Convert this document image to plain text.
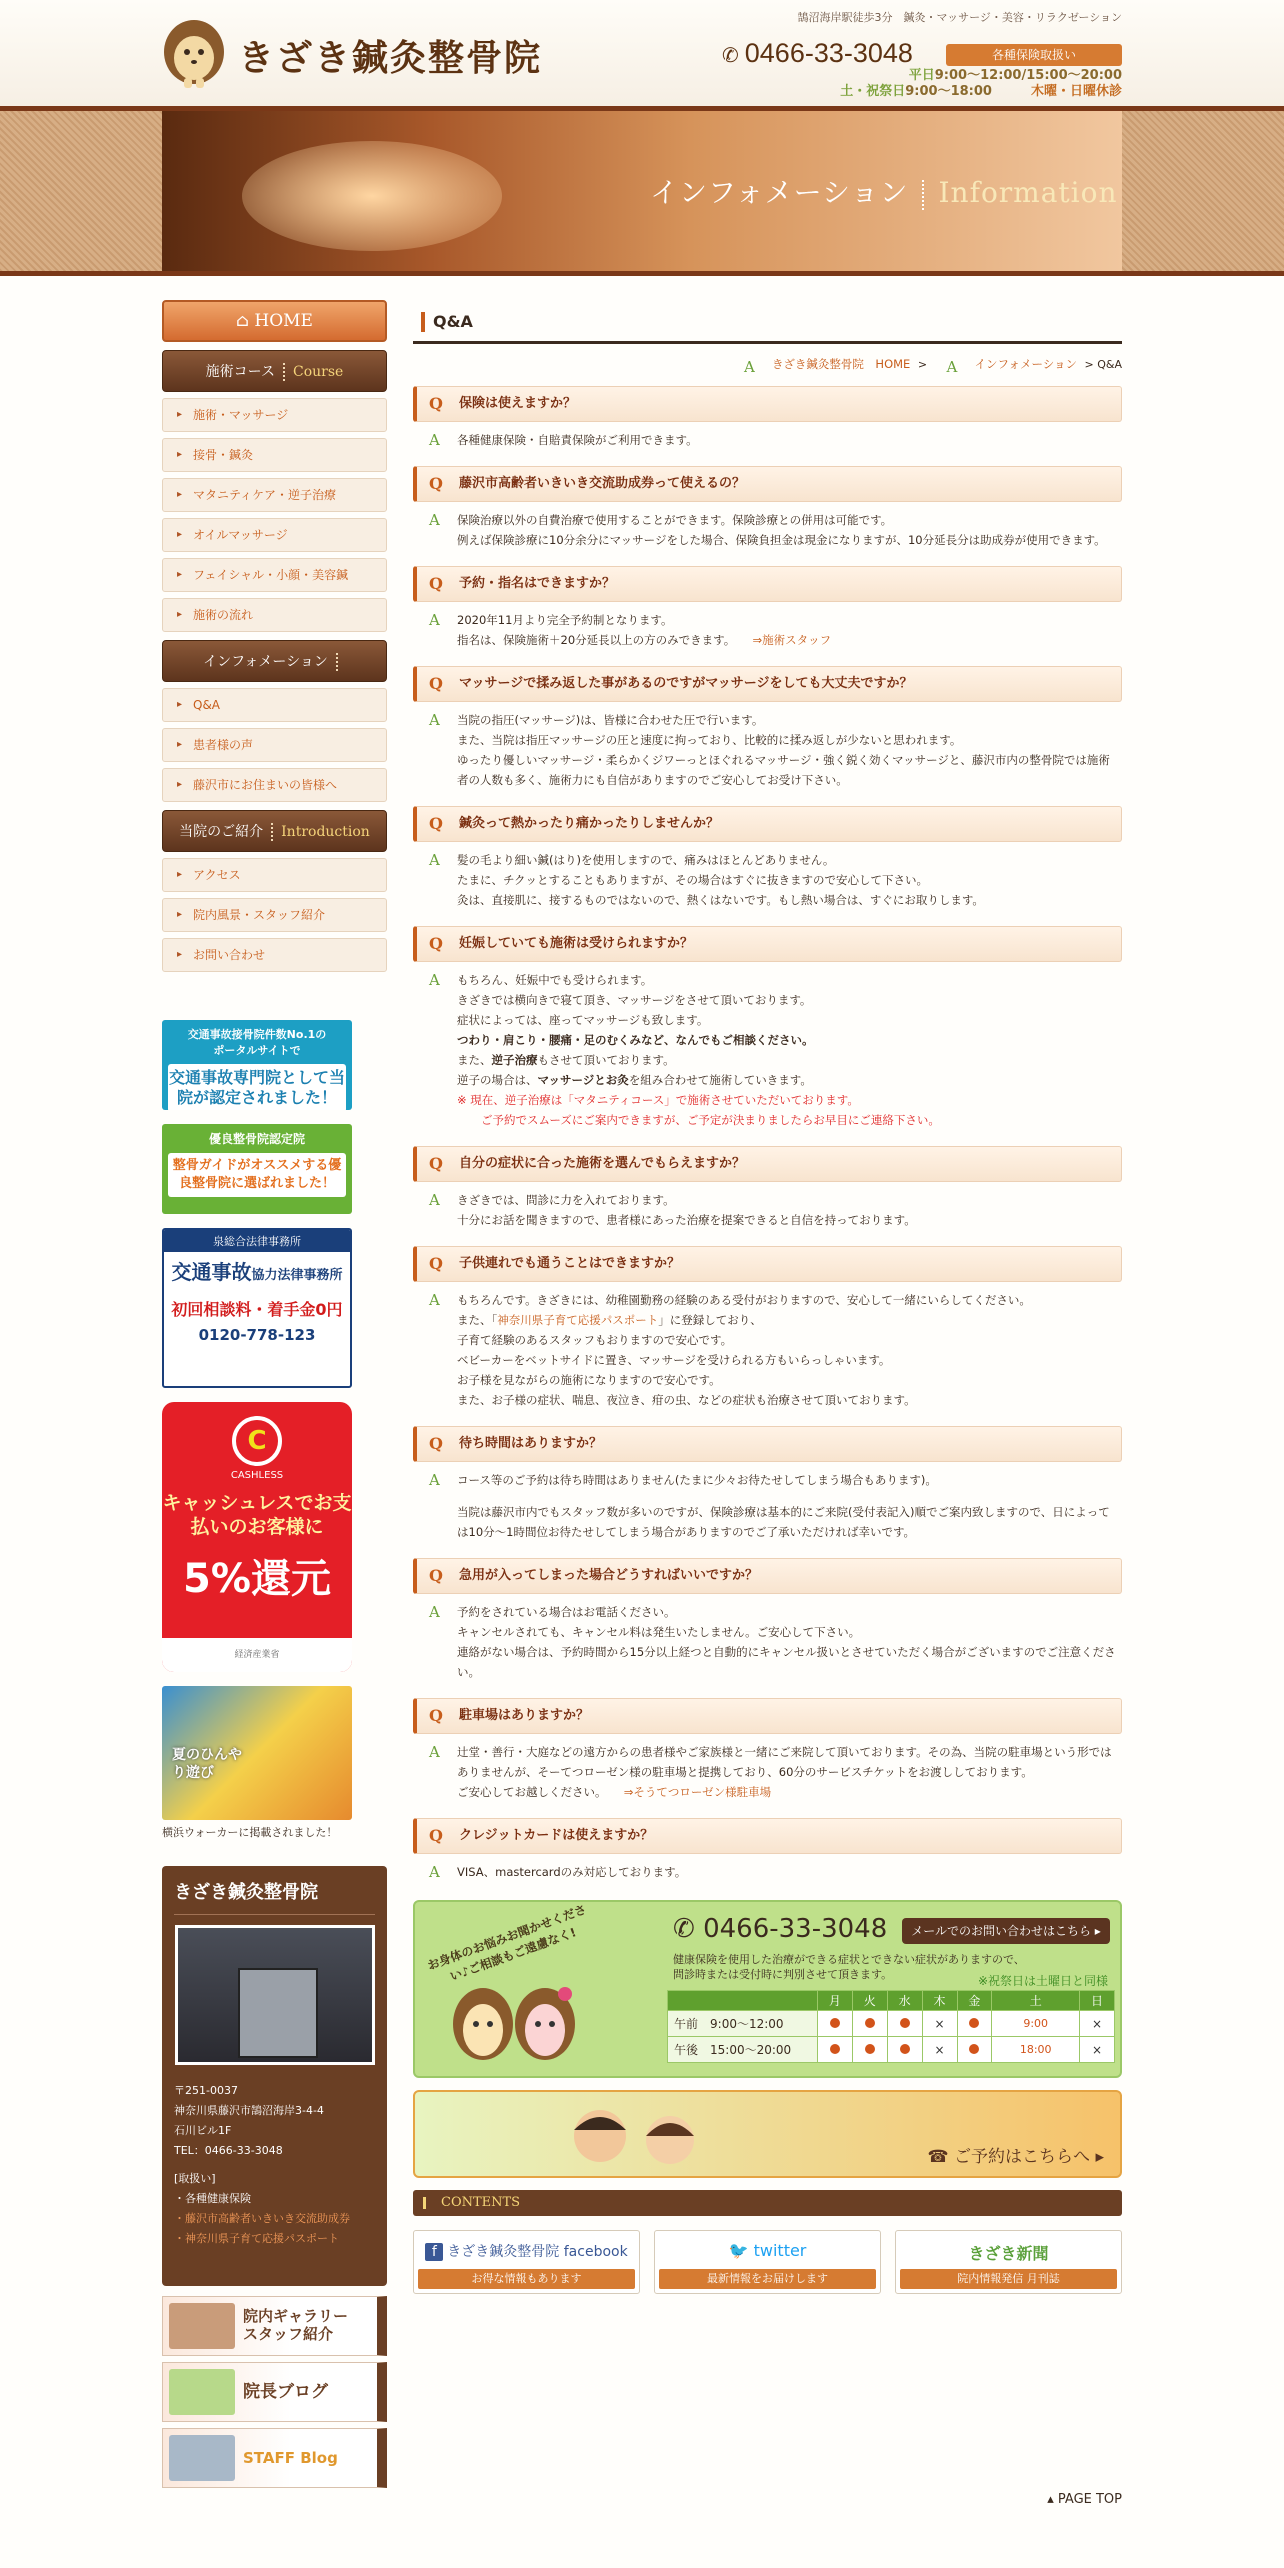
きざき鍼灸整骨院
鵠沼海岸駅徒歩3分　鍼灸・マッサージ・美容・リラクゼーション
✆ 0466-33-3048	各種保険取扱い
平日9:00～12:00/15:00～20:00
土・祝祭日9:00～18:00　　　	木曜・日曜休診
インフォメーション Information
⌂ HOME
施術コース Course
▸ 施術・マッサージ
▸ 接骨・鍼灸
▸ マタニティケア・逆子治療
▸ オイルマッサージ
▸ フェイシャル・小顔・美容鍼
▸ 施術の流れ
インフォメーション
▸ Q&A
▸ 患者様の声
▸ 藤沢市にお住まいの皆様へ
当院のご紹介 Introduction
▸ アクセス
▸ 院内風景・スタッフ紹介
▸ お問い合わせ
交通事故接骨院件数No.1の
ポータルサイトで
交通事故専門院として当院が認定されました！
優良整骨院認定院
整骨ガイドがオススメする優良整骨院に選ばれました！
泉総合法律事務所
交通事故協力法律事務所
初回相談料・着手金0円
0120-778-123
C
CASHLESS
キャッシュレスでお支払いのお客様に
5%還元
経済産業省
夏のひんやり遊び
横浜ウォーカーに掲載されました！
きざき鍼灸整骨院
〒251-0037
神奈川県藤沢市鵠沼海岸3-4-4
石川ビル1F
TEL：0466-33-3048
[取扱い]
・各種健康保険
・藤沢市高齢者いきいき交流助成券
・神奈川県子育て応援パスポート
院内ギャラリー
スタッフ紹介
院長ブログ
STAFF Blog
Q&A
A きざき鍼灸整骨院　HOME >	A インフォメーション > Q&A
Q 保険は使えますか？

A 各種健康保険・自賠責保険がご利用できます。

Q 藤沢市高齢者いきいき交流助成券って使えるの？

A 保険治療以外の自費治療で使用することができます。保険診療との併用は可能です。

例えば保険診療に10分余分にマッサージをした場合、保険負担金は現金になりますが、10分延長分は助成券が使用できます。

Q 予約・指名はできますか？

A 2020年11月より完全予約制となります。

指名は、保険施術＋20分延長以上の方のみできます。　　 ⇒施術スタッフ

Q マッサージで揉み返した事があるのですがマッサージをしても大丈夫ですか？

A 当院の指圧(マッサージ)は、皆様に合わせた圧で行います。

また、当院は指圧マッサージの圧と速度に拘っており、比較的に揉み返しが少ないと思われます。

ゆったり優しいマッサージ・柔らかくジワーっとほぐれるマッサージ・強く鋭く効くマッサージと、藤沢市内の整骨院では施術者の人数も多く、施術力にも自信がありますのでご安心してお受け下さい。

Q 鍼灸って熱かったり痛かったりしませんか？

A 髪の毛より細い鍼(はり)を使用しますので、痛みはほとんどありません。

たまに、チクッとすることもありますが、その場合はすぐに抜きますので安心して下さい。

灸は、直接肌に、接するものではないので、熱くはないです。もし熱い場合は、すぐにお取りします。

Q 妊娠していても施術は受けられますか？

A もちろん、妊娠中でも受けられます。

きざきでは横向きで寝て頂き、マッサージをさせて頂いております。

症状によっては、座ってマッサージも致します。

つわり・肩こり・腰痛・足のむくみなど、なんでもご相談ください。

また、逆子治療もさせて頂いております。

逆子の場合は、マッサージとお灸を組み合わせて施術していきます。

※ 現在、逆子治療は「マタニティコース」で施術させていただいております。

ご予約でスムーズにご案内できますが、ご予定が決まりましたらお早目にご連絡下さい。

Q 自分の症状に合った施術を選んでもらえますか？

A きざきでは、問診に力を入れております。

十分にお話を聞きますので、患者様にあった治療を提案できると自信を持っております。

Q 子供連れでも通うことはできますか？

A もちろんです。きざきには、幼稚園勤務の経験のある受付がおりますので、安心して一緒にいらしてください。

また、「神奈川県子育て応援パスポート」に登録しており、

子育て経験のあるスタッフもおりますので安心です。

ベビーカーをベットサイドに置き、マッサージを受けられる方もいらっしゃいます。

お子様を見ながらの施術になりますので安心です。

また、お子様の症状、喘息、夜泣き、疳の虫、などの症状も治療させて頂いております。

Q 待ち時間はありますか？

A コース等のご予約は待ち時間はありません(たまに少々お待たせしてしまう場合もあります)。

当院は藤沢市内でもスタッフ数が多いのですが、保険診療は基本的にご来院(受付表記入)順でご案内致しますので、日によっては10分～1時間位お待たせしてしまう場合がありますのでご了承いただければ幸いです。

Q 急用が入ってしまった場合どうすればいいですか？

A 予約をされている場合はお電話ください。

キャンセルされても、キャンセル料は発生いたしません。ご安心して下さい。

連絡がない場合は、予約時間から15分以上経つと自動的にキャンセル扱いとさせていただく場合がございますのでご注意ください。

Q 駐車場はありますか？

A 辻堂・善行・大庭などの遠方からの患者様やご家族様と一緒にご来院して頂いております。その為、当院の駐車場という形ではありませんが、そーてつローゼン様の駐車場と提携しており、60分のサービスチケットをお渡ししております。

ご安心してお越しください。　　 ⇒そうてつローゼン様駐車場

Q クレジットカードは使えますか？

A VISA、mastercardのみ対応しております。

お身体のお悩みお聞かせください♪ご相談もご遠慮なく!	✆ 0466-33-3048	メールでのお問い合わせはこちら ▸
健康保険を使用した治療ができる症状とできない症状がありますので、
問診時または受付時に判別させて頂きます。	※祝祭日は土曜日と同様
	月	火	水	木	金	土	日
午前　 9:00～12:00				×		9:00	×
午後　 15:00～20:00				×		18:00	×
☎ ご予約はこちらへ ▸
CONTENTS
f きざき鍼灸整骨院 facebook
お得な情報もあります
🐦 twitter
最新情報をお届けします
きざき新聞
院内情報発信 月刊誌
▴ PAGE TOP
